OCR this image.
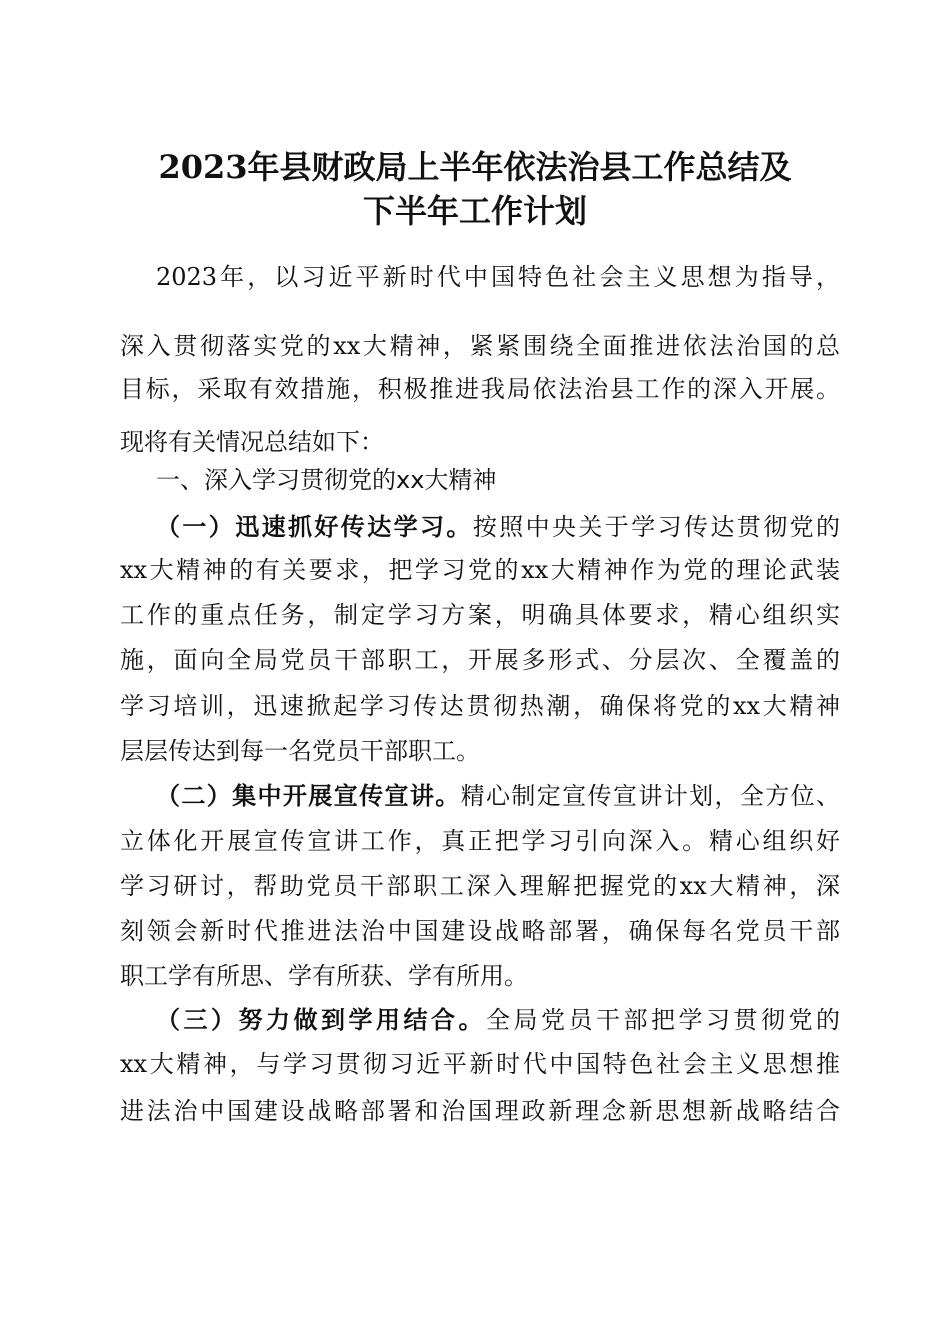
2023年县财政局上半年依法治县工作总结及
下半年工作计划
2023年，以习近平新时代中国特色社会主义思想为指导，
深入贯彻落实党的xx大精神，紧紧围绕全面推进依法治国的总
目标，采取有效措施，积极推进我局依法治县工作的深入开展。
现将有关情况总结如下：
一、深入学习贯彻党的xx大精神
（一）迅速抓好传达学习。按照中央关于学习传达贯彻党的
xx大精神的有关要求，把学习党的xx大精神作为党的理论武装
工作的重点任务，制定学习方案，明确具体要求，精心组织实
施，面向全局党员干部职工，开展多形式、分层次、全覆盖的
学习培训，迅速掀起学习传达贯彻热潮，确保将党的xx大精神
层层传达到每一名党员干部职工。
（二）集中开展宣传宣讲。精心制定宣传宣讲计划，全方位、
立体化开展宣传宣讲工作，真正把学习引向深入。精心组织好
学习研讨，帮助党员干部职工深入理解把握党的xx大精神，深
刻领会新时代推进法治中国建设战略部署，确保每名党员干部
职工学有所思、学有所获、学有所用。
（三）努力做到学用结合。全局党员干部把学习贯彻党的
xx大精神，与学习贯彻习近平新时代中国特色社会主义思想推
进法治中国建设战略部署和治国理政新理念新思想新战略结合
